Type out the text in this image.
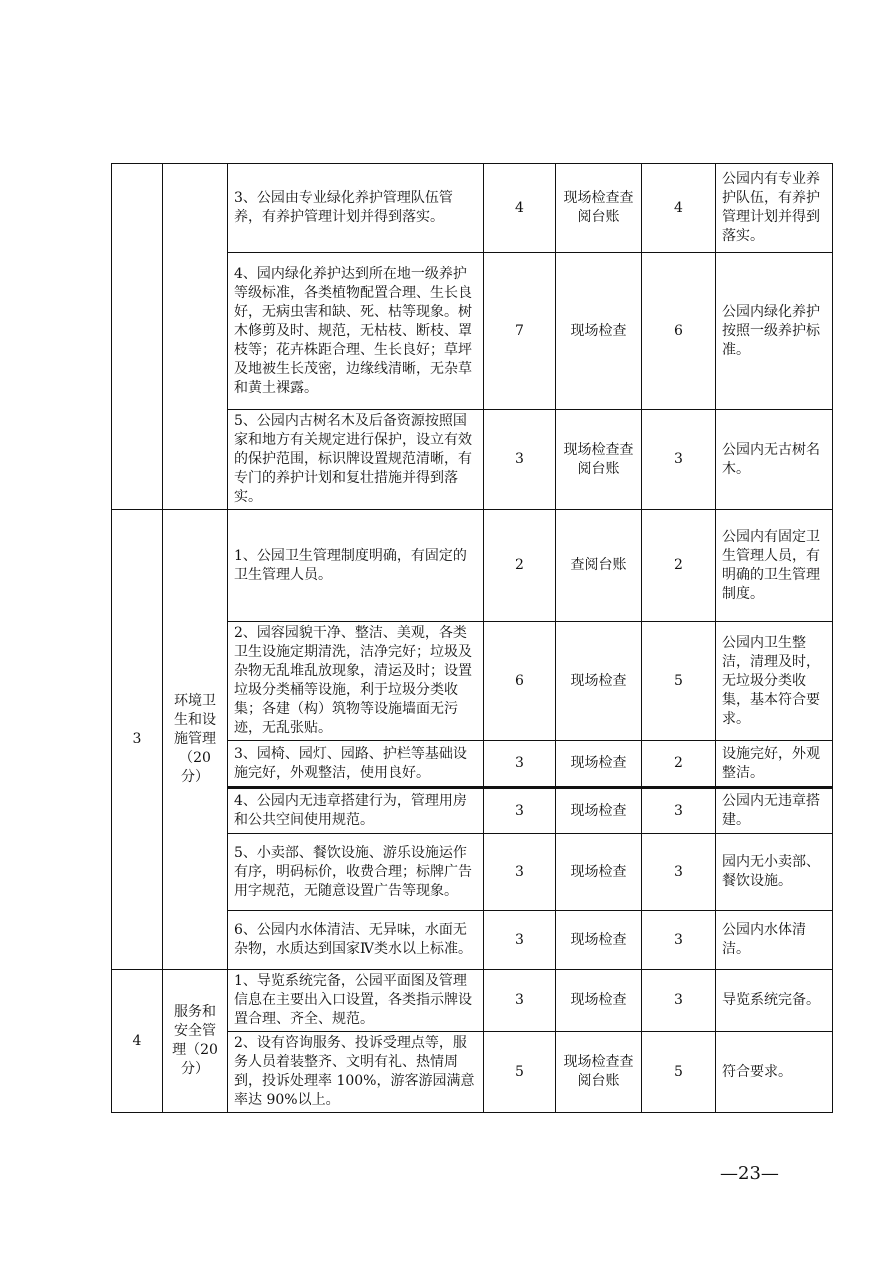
		3、公园由专业绿化养护管理队伍管养，有养护管理计划并得到落实。	4	现场检查查阅台账	4	公园内有专业养护队伍，有养护管理计划并得到落实。
		4、园内绿化养护达到所在地一级养护等级标准，各类植物配置合理、生长良好，无病虫害和缺、死、枯等现象。树木修剪及时、规范，无枯枝、断枝、罩枝等；花卉株距合理、生长良好；草坪及地被生长茂密，边缘线清晰，无杂草和黄土裸露。	7	现场检查	6	公园内绿化养护按照一级养护标准。
		5、公园内古树名木及后备资源按照国家和地方有关规定进行保护，设立有效的保护范围，标识牌设置规范清晰，有专门的养护计划和复壮措施并得到落实。	3	现场检查查阅台账	3	公园内无古树名木。
3	环境卫生和设施管理（20 分）	1、公园卫生管理制度明确，有固定的卫生管理人员。	2	查阅台账	2	公园内有固定卫生管理人员，有明确的卫生管理制度。
		2、园容园貌干净、整洁、美观，各类卫生设施定期清洗，洁净完好；垃圾及杂物无乱堆乱放现象，清运及时；设置垃圾分类桶等设施，利于垃圾分类收集；各建（构）筑物等设施墙面无污迹，无乱张贴。	6	现场检查	5	公园内卫生整洁，清理及时，无垃圾分类收集，基本符合要求。
		3、园椅、园灯、园路、护栏等基础设施完好，外观整洁，使用良好。	3	现场检查	2	设施完好，外观整洁。
		4、公园内无违章搭建行为，管理用房和公共空间使用规范。	3	现场检查	3	公园内无违章搭建。
		5、小卖部、餐饮设施、游乐设施运作有序，明码标价，收费合理；标牌广告用字规范，无随意设置广告等现象。	3	现场检查	3	园内无小卖部、餐饮设施。
		6、公园内水体清洁、无异味，水面无杂物，水质达到国家Ⅳ类水以上标准。	3	现场检查	3	公园内水体清洁。
4	服务和安全管理（20 分）	1、导览系统完备，公园平面图及管理信息在主要出入口设置，各类指示牌设置合理、齐全、规范。	3	现场检查	3	导览系统完备。
		2、设有咨询服务、投诉受理点等，服务人员着装整齐、文明有礼、热情周到，投诉处理率 100%，游客游园满意率达 90%以上。	5	现场检查查阅台账	5	符合要求。
—23—
